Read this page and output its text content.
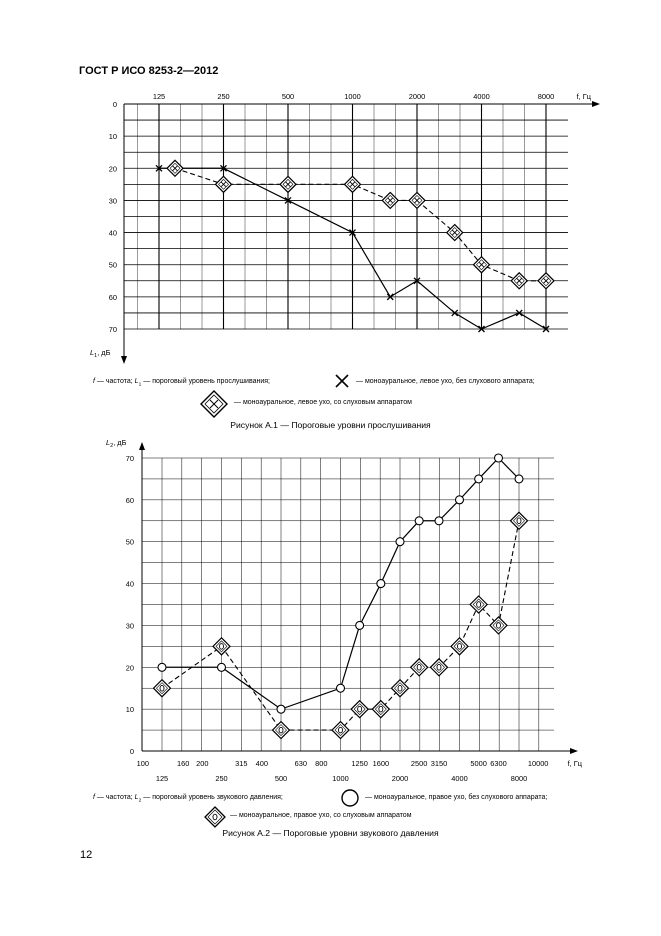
ГОСТ Р ИСО 8253-2—2012
125	250	500	1000	2000	4000	8000	f, Гц
0
10
20
30
40
50
60
70
$L_1$, дБ
f — частота; $L_1$ — пороговый уровень прослушивания;	— моноауральное, левое ухо, без слухового аппарата;
— моноауральное, левое ухо, со слуховым аппаратом
Рисунок А.1 — Пороговые уровни прослушивания
0
10
20
30
40
50
60
70
$L_2$, дБ
100	160 200	315 400	630 800	1250 1600	2500 3150	5000 6300	10000
125	250	500	1000	2000	4000	8000
f, Гц
f — частота; $L_2$ — пороговый уровень звукового давления;	— моноауральное, правое ухо, без слухового аппарата;
— моноауральное, правое ухо, со слуховым аппаратом
Рисунок А.2 — Пороговые уровни звукового давления
12
